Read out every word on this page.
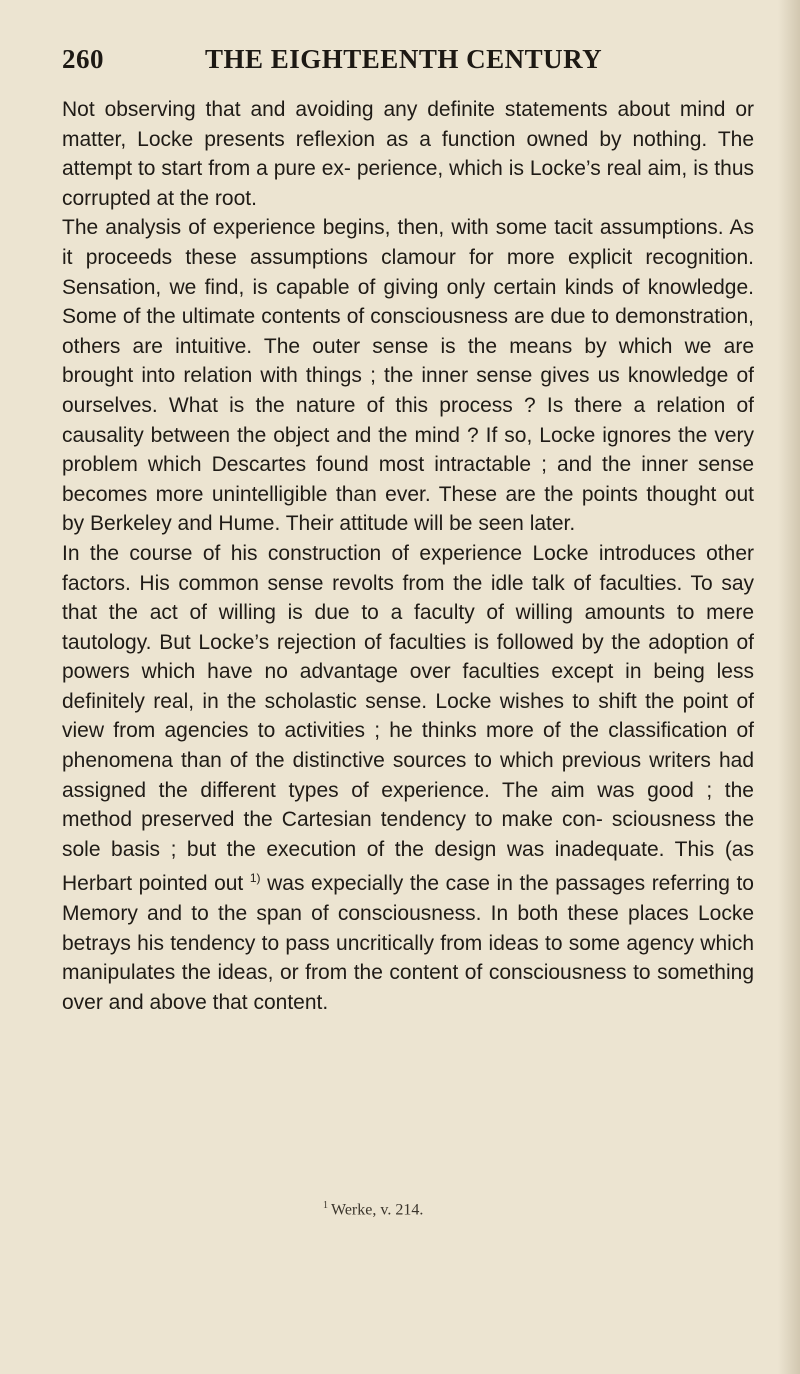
260	THE EIGHTEENTH CENTURY

Not observing that and avoiding any definite statements about mind or matter, Locke presents reflexion as a function owned by nothing. The attempt to start from a pure ex- perience, which is Locke’s real aim, is thus corrupted at the root.

The analysis of experience begins, then, with some tacit assumptions. As it proceeds these assumptions clamour for more explicit recognition. Sensation, we find, is capable of giving only certain kinds of knowledge. Some of the ultimate contents of consciousness are due to demonstration, others are intuitive. The outer sense is the means by which we are brought into relation with things ; the inner sense gives us knowledge of ourselves. What is the nature of this process ? Is there a relation of causality between the object and the mind ? If so, Locke ignores the very problem which Descartes found most intractable ; and the inner sense becomes more unintelligible than ever. These are the points thought out by Berkeley and Hume. Their attitude will be seen later.

In the course of his construction of experience Locke introduces other factors. His common sense revolts from the idle talk of faculties. To say that the act of willing is due to a faculty of willing amounts to mere tautology. But Locke’s rejection of faculties is followed by the adoption of powers which have no advantage over faculties except in being less definitely real, in the scholastic sense. Locke wishes to shift the point of view from agencies to activities ; he thinks more of the classification of phenomena than of the distinctive sources to which previous writers had assigned the different types of experience. The aim was good ; the method preserved the Cartesian tendency to make con- sciousness the sole basis ; but the execution of the design was inadequate. This (as Herbart pointed out $^{1)}$ was expecially the case in the passages referring to Memory and to the span of consciousness. In both these places Locke betrays his tendency to pass uncritically from ideas to some agency which manipulates the ideas, or from the content of consciousness to something over and above that content.

$^1$ Werke, v. 214.
